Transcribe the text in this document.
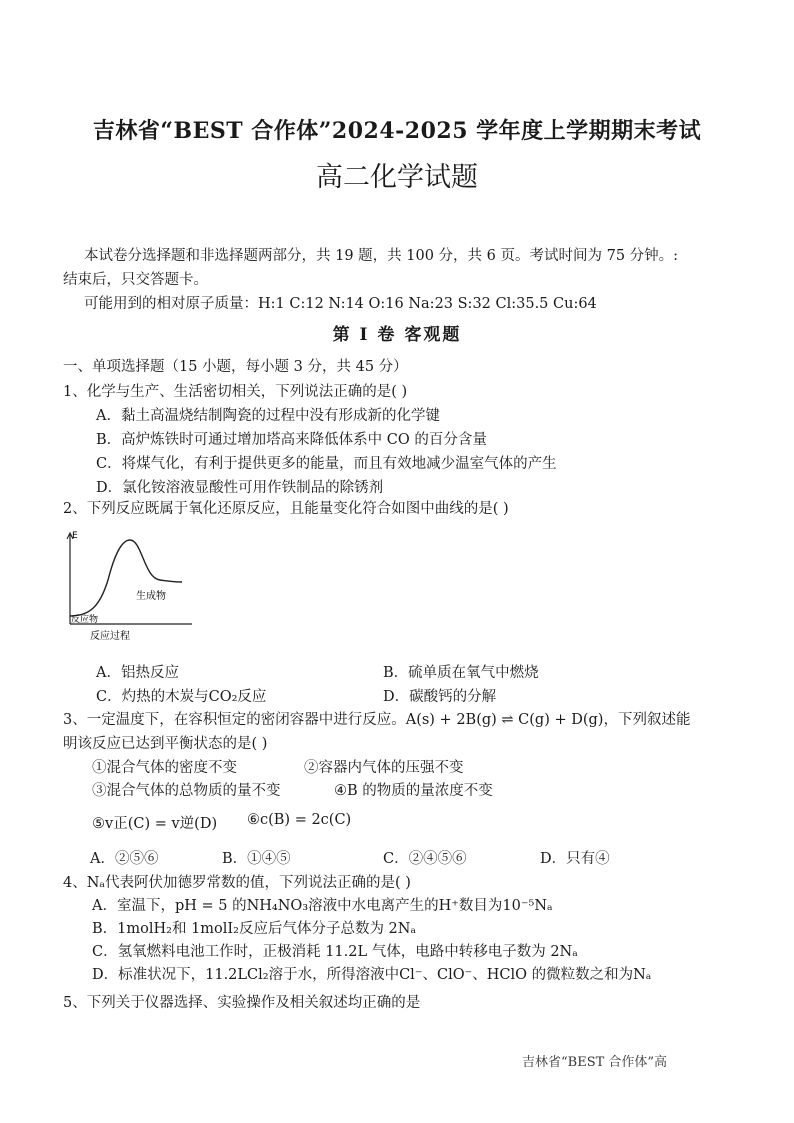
吉林省“BEST 合作体”2024-2025 学年度上学期期末考试
高二化学试题
本试卷分选择题和非选择题两部分，共 19 题，共 100 分，共 6 页。考试时间为 75 分钟。:
结束后，只交答题卡。
可能用到的相对原子质量：H:1 C:12 N:14 O:16 Na:23 S:32 Cl:35.5 Cu:64
第 I 卷 客观题
一、单项选择题（15 小题，每小题 3 分，共 45 分）
1、化学与生产、生活密切相关，下列说法正确的是( )
A．黏土高温烧结制陶瓷的过程中没有形成新的化学键
B．高炉炼铁时可通过增加塔高来降低体系中 CO 的百分含量
C．将煤气化，有利于提供更多的能量，而且有效地减少温室气体的产生
D．氯化铵溶液显酸性可用作铁制品的除锈剂
2、下列反应既属于氧化还原反应，且能量变化符合如图中曲线的是( )
E
生成物
反应物
反应过程
A．铝热反应	B．硫单质在氧气中燃烧
C．灼热的木炭与CO₂反应	D．碳酸钙的分解
3、一定温度下，在容积恒定的密闭容器中进行反应。A(s) + 2B(g) ⇌ C(g) + D(g)，下列叙述能
明该反应已达到平衡状态的是( )
①混合气体的密度不变	②容器内气体的压强不变
③混合气体的总物质的量不变	④B 的物质的量浓度不变
⑤v正(C) = v逆(D) ⑥c(B) = 2c(C)
A．②⑤⑥	B．①④⑤	C．②④⑤⑥	D．只有④
4、Nₐ代表阿伏加德罗常数的值，下列说法正确的是( )
A．室温下，pH = 5 的NH₄NO₃溶液中水电离产生的H⁺数目为10⁻⁵Nₐ
B．1molH₂和 1molI₂反应后气体分子总数为 2Nₐ
C．氢氧燃料电池工作时，正极消耗 11.2L 气体，电路中转移电子数为 2Nₐ
D．标准状况下，11.2LCl₂溶于水，所得溶液中Cl⁻、ClO⁻、HClO 的微粒数之和为Nₐ
5、下列关于仪器选择、实验操作及相关叙述均正确的是
吉林省“BEST 合作体”高
